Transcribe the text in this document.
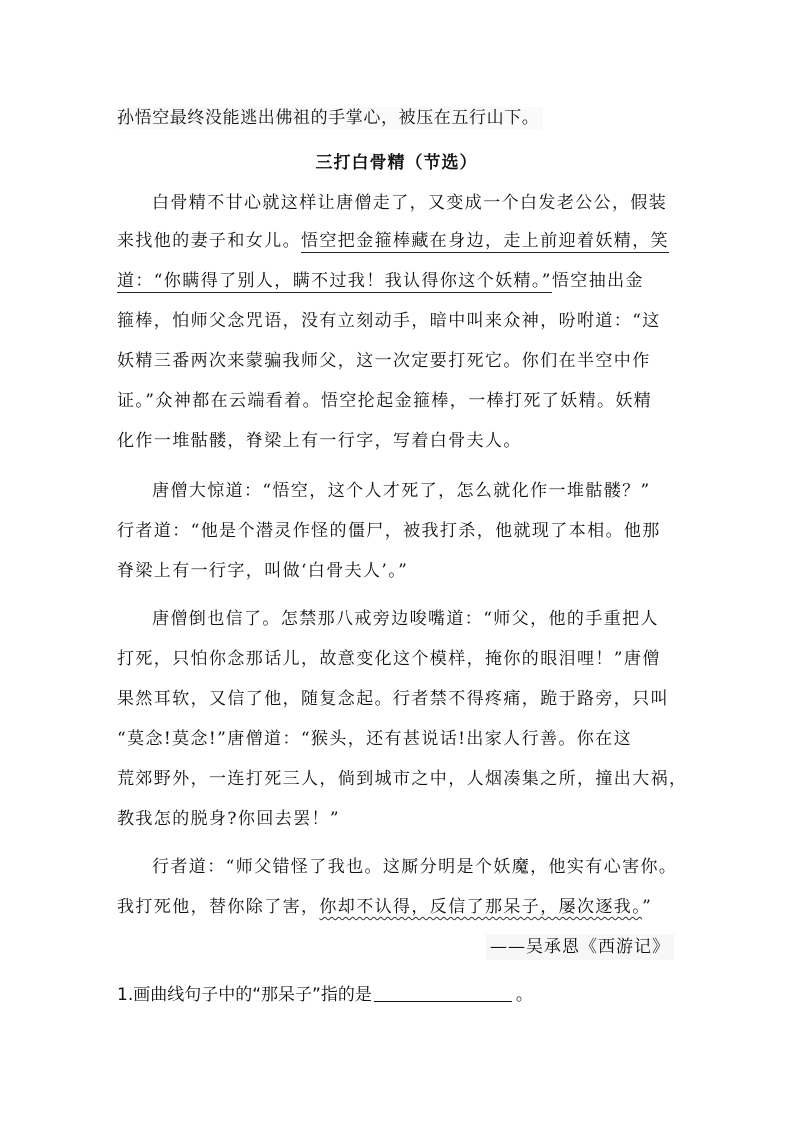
孙悟空最终没能逃出佛祖的手掌心，被压在五行山下。
三打白骨精（节选）
白骨精不甘心就这样让唐僧走了，又变成一个白发老公公，假装
来找他的妻子和女儿。悟空把金箍棒藏在身边，走上前迎着妖精，笑
道：“你瞒得了别人，瞒不过我！我认得你这个妖精。”悟空抽出金
箍棒，怕师父念咒语，没有立刻动手，暗中叫来众神，吩咐道：“这
妖精三番两次来蒙骗我师父，这一次定要打死它。你们在半空中作
证。”众神都在云端看着。悟空抡起金箍棒，一棒打死了妖精。妖精
化作一堆骷髅，脊梁上有一行字，写着白骨夫人。
唐僧大惊道：“悟空，这个人才死了，怎么就化作一堆骷髅？”
行者道：“他是个潜灵作怪的僵尸，被我打杀，他就现了本相。他那
脊梁上有一行字，叫做‘白骨夫人’。”
唐僧倒也信了。怎禁那八戒旁边唆嘴道：“师父，他的手重把人
打死，只怕你念那话儿，故意变化这个模样，掩你的眼泪哩！”唐僧
果然耳软，又信了他，随复念起。行者禁不得疼痛，跪于路旁，只叫
“莫念!莫念!”唐僧道：“猴头，还有甚说话!出家人行善。你在这
荒郊野外，一连打死三人，倘到城市之中，人烟凑集之所，撞出大祸，
教我怎的脱身?你回去罢！”
行者道：“师父错怪了我也。这厮分明是个妖魔，他实有心害你。
我打死他，替你除了害，你却不认得，反信了那呆子，屡次逐我。”
——吴承恩《西游记》
1.画曲线句子中的“那呆子”指的是	。
